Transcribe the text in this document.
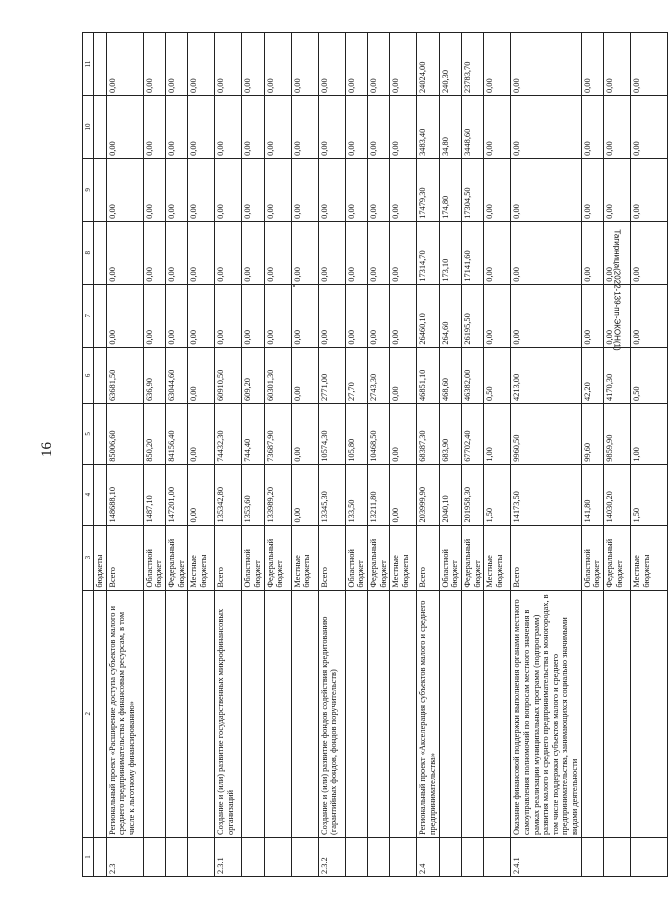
16
Тагирница(2022-139-пп-ЭКОН(1)
1	2	3	4	5	6	7	8	9	10	11
		бюджеты								
2.3	Региональный проект «Расширение доступа субъектов малого и среднего предпринимательства к финансовым ресурсам, в том числе к льготному финансированию»	Всего	148688,10	85006,60	63681,50	0,00	0,00	0,00	0,00	0,00
		Областной бюджет	1487,10	850,20	636,90	0,00	0,00	0,00	0,00	0,00
		Федеральный бюджет	147201,00	84156,40	63044,60	0,00	0,00	0,00	0,00	0,00
		Местные бюджеты	0,00	0,00	0,00	0,00	0,00	0,00	0,00	0,00
2.3.1	Создание и (или) развитие государственных микрофинансовых организаций	Всего	135342,80	74432,30	60910,50	0,00	0,00	0,00	0,00	0,00
		Областной бюджет	1353,60	744,40	609,20	0,00	0,00	0,00	0,00	0,00
		Федеральный бюджет	133989,20	73687,90	60301,30	0,00	0,00	0,00	0,00	0,00
		Местные бюджеты	0,00	0,00	0,00	0,00	0,00	0,00	0,00	0,00
2.3.2	Создание и (или) развитие фондов содействия кредитованию (гарантийных фондов, фондов поручительств)	Всего	13345,30	10574,30	2771,00	0,00	0,00	0,00	0,00	0,00
		Областной бюджет	133,50	105,80	27,70	0,00	0,00	0,00	0,00	0,00
		Федеральный бюджет	13211,80	10468,50	2743,30	0,00	0,00	0,00	0,00	0,00
		Местные бюджеты	0,00	0,00	0,00	0,00	0,00	0,00	0,00	0,00
2.4	Региональный проект «Акселерация субъектов малого и среднего предпринимательства»	Всего	203999,90	68387,30	46851,10	26460,10	17314,70	17479,30	3483,40	24024,00
		Областной бюджет	2040,10	683,90	468,60	264,60	173,10	174,80	34,80	240,30
		Федеральный бюджет	201958,30	67702,40	46382,00	26195,50	17141,60	17304,50	3448,60	23783,70
		Местные бюджеты	1,50	1,00	0,50	0,00	0,00	0,00	0,00	0,00
2.4.1	Оказание финансовой поддержки выполнения органами местного самоуправления полномочий по вопросам местного значения в рамках реализации муниципальных программ (подпрограмм) развития малого и среднего предпринимательства в моногородах, в том числе поддержки субъектов малого и среднего предпринимательства, занимающихся социально значимыми видами деятельности	Всего	14173,50	9960,50	4213,00	0,00	0,00	0,00	0,00	0,00
		Областной бюджет	141,80	99,60	42,20	0,00	0,00	0,00	0,00	0,00
		Федеральный бюджет	14030,20	9859,90	4170,30	0,00	0,00	0,00	0,00	0,00
		Местные бюджеты	1,50	1,00	0,50	0,00	0,00	0,00	0,00	0,00
